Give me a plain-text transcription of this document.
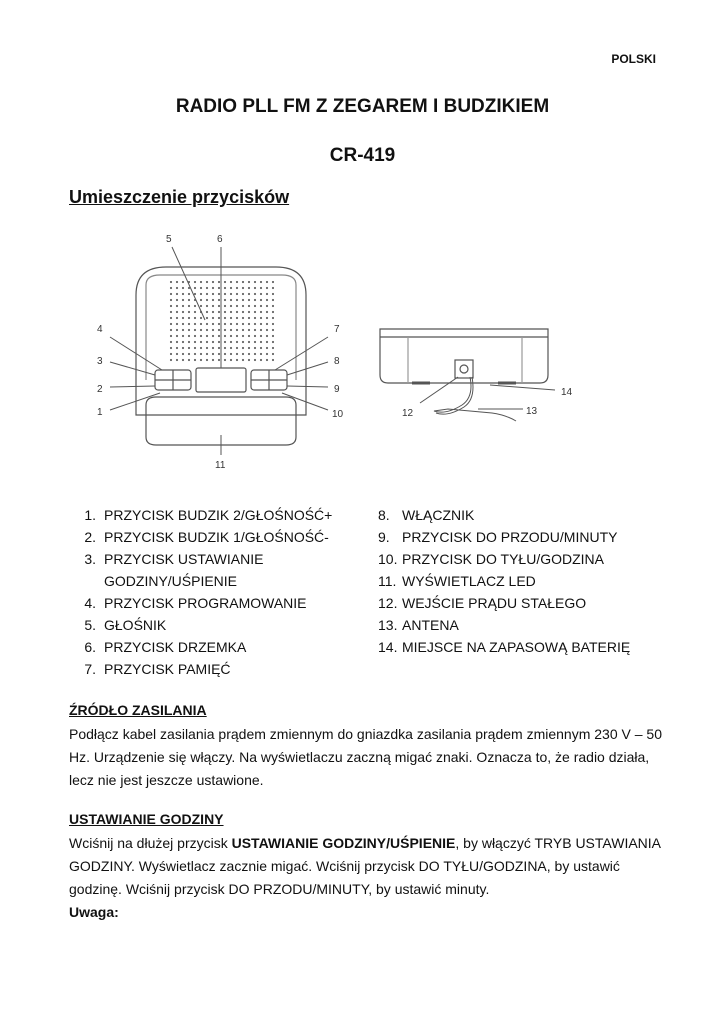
POLSKI
RADIO PLL FM Z ZEGAREM I BUDZIKIEM
CR-419
Umieszczenie przycisków
5	6
4
3
2
1
7
8
9
10
11
12	13
14
1. PRZYCISK BUDZIK 2/GŁOŚNOŚĆ+
2. PRZYCISK BUDZIK 1/GŁOŚNOŚĆ-
3. PRZYCISK USTAWIANIE GODZINY/UŚPIENIE
4. PRZYCISK PROGRAMOWANIE
5. GŁOŚNIK
6. PRZYCISK DRZEMKA
7. PRZYCISK PAMIĘĆ
8. WŁĄCZNIK
9. PRZYCISK DO PRZODU/MINUTY
10. PRZYCISK DO TYŁU/GODZINA
11. WYŚWIETLACZ LED
12. WEJŚCIE PRĄDU STAŁEGO
13. ANTENA
14. MIEJSCE NA ZAPASOWĄ BATERIĘ
ŹRÓDŁO ZASILANIA

Podłącz kabel zasilania prądem zmiennym do gniazdka zasilania prądem zmiennym 230 V – 50 Hz. Urządzenie się włączy. Na wyświetlaczu zaczną migać znaki. Oznacza to, że radio działa, lecz nie jest jeszcze ustawione.

USTAWIANIE GODZINY

Wciśnij na dłużej przycisk USTAWIANIE GODZINY/UŚPIENIE, by włączyć TRYB USTAWIANIA GODZINY. Wyświetlacz zacznie migać. Wciśnij przycisk DO TYŁU/GODZINA, by ustawić godzinę. Wciśnij przycisk DO PRZODU/MINUTY, by ustawić minuty.
Uwaga:
